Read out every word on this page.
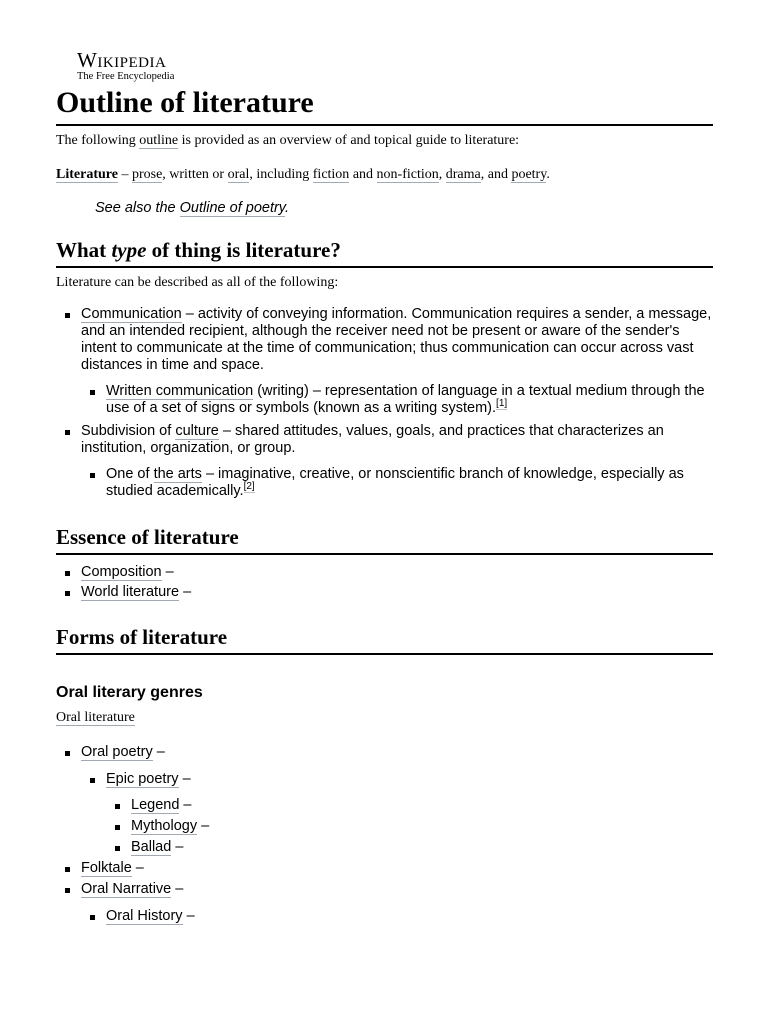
Wikipedia
The Free Encyclopedia
Outline of literature

The following outline is provided as an overview of and topical guide to literature:

Literature – prose, written or oral, including fiction and non-fiction, drama, and poetry.

See also the Outline of poetry.

What type of thing is literature?

Literature can be described as all of the following:

Communication – activity of conveying information. Communication requires a sender, a message, and an intended recipient, although the receiver need not be present or aware of the sender's intent to communicate at the time of communication; thus communication can occur across vast distances in time and space.
Written communication (writing) – representation of language in a textual medium through the use of a set of signs or symbols (known as a writing system).[1]
Subdivision of culture – shared attitudes, values, goals, and practices that characterizes an institution, organization, or group.
One of the arts – imaginative, creative, or nonscientific branch of knowledge, especially as studied academically.[2]
Essence of literature
Composition –
World literature –
Forms of literature
Oral literary genres

Oral literature

Oral poetry –
Epic poetry –
Legend –
Mythology –
Ballad –
Folktale –
Oral Narrative –
Oral History –
